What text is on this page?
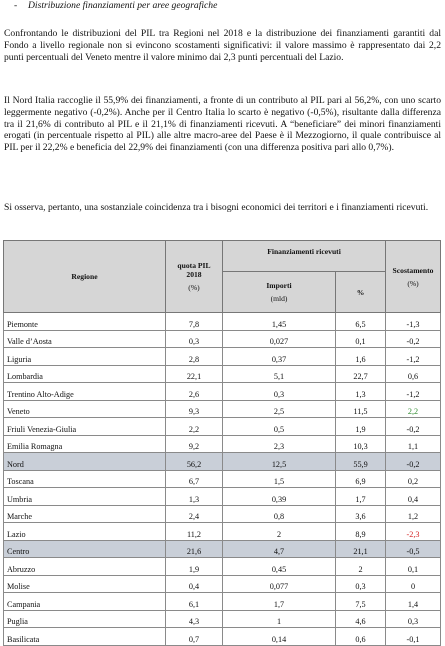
- Distribuzione finanziamenti per aree geografiche

Confrontando le distribuzioni del PIL tra Regioni nel 2018 e la distribuzione dei finanziamenti garantiti dal Fondo a livello regionale non si evincono scostamenti significativi: il valore massimo è rappresentato dai 2,2 punti percentuali del Veneto mentre il valore minimo dai 2,3 punti percentuali del Lazio.

Il Nord Italia raccoglie il 55,9% dei finanziamenti, a fronte di un contributo al PIL pari al 56,2%, con uno scarto leggermente negativo (-0,2%). Anche per il Centro Italia lo scarto è negativo (-0,5%), risultante dalla differenza tra il 21,6% di contributo al PIL e il 21,1% di finanziamenti ricevuti. A “beneficiare” dei minori finanziamenti erogati (in percentuale rispetto al PIL) alle altre macro-aree del Paese è il Mezzogiorno, il quale contribuisce al PIL per il 22,2% e beneficia del 22,9% dei finanziamenti (con una differenza positiva pari allo 0,7%).

Si osserva, pertanto, una sostanziale coincidenza tra i bisogni economici dei territori e i finanziamenti ricevuti.

Regione	quota PIL
2018
(%)	Finanziamenti ricevuti		Scostamento
(%)

		Importi
(mld)	%	
Piemonte	7,8	1,45	6,5	-1,3
Valle d’Aosta	0,3	0,027	0,1	-0,2
Liguria	2,8	0,37	1,6	-1,2
Lombardia	22,1	5,1	22,7	0,6
Trentino Alto-Adige	2,6	0,3	1,3	-1,2
Veneto	9,3	2,5	11,5	2,2
Friuli Venezia-Giulia	2,2	0,5	1,9	-0,2
Emilia Romagna	9,2	2,3	10,3	1,1
Nord	56,2	12,5	55,9	-0,2
Toscana	6,7	1,5	6,9	0,2
Umbria	1,3	0,39	1,7	0,4
Marche	2,4	0,8	3,6	1,2
Lazio	11,2	2	8,9	-2,3
Centro	21,6	4,7	21,1	-0,5
Abruzzo	1,9	0,45	2	0,1
Molise	0,4	0,077	0,3	0
Campania	6,1	1,7	7,5	1,4
Puglia	4,3	1	4,6	0,3
Basilicata	0,7	0,14	0,6	-0,1
